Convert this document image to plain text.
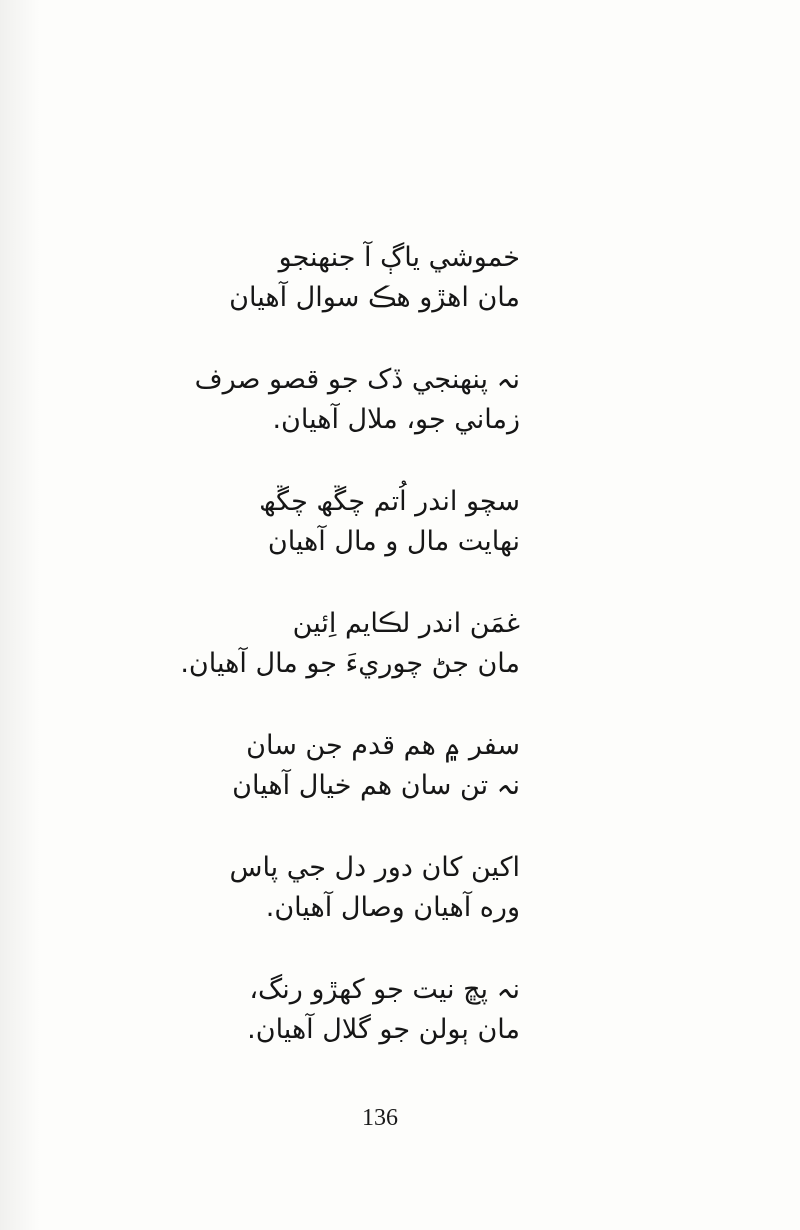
خموشي ياڳ آ جنهنجو
مان اهڙو هڪ سوال آهيان
نہ پنهنجي ڏک جو قصو صرف
زماني جو، ملال آهيان.
سچو اندر اُتم چڱھ چڱھ
نهايت مال و مال آهيان
غمَن اندر لڪايم اِئين
مان جڻ چوريءَ جو مال آهيان.
سفر ۾ هم قدم جن سان
نہ تن سان هم خيال آهيان
اکين کان دور دل جي پاس
وره آهيان وصال آهيان.
نہ پڇ نيت جو کهڙو رنگ،
مان ٻولن جو گلال آهيان.
136
